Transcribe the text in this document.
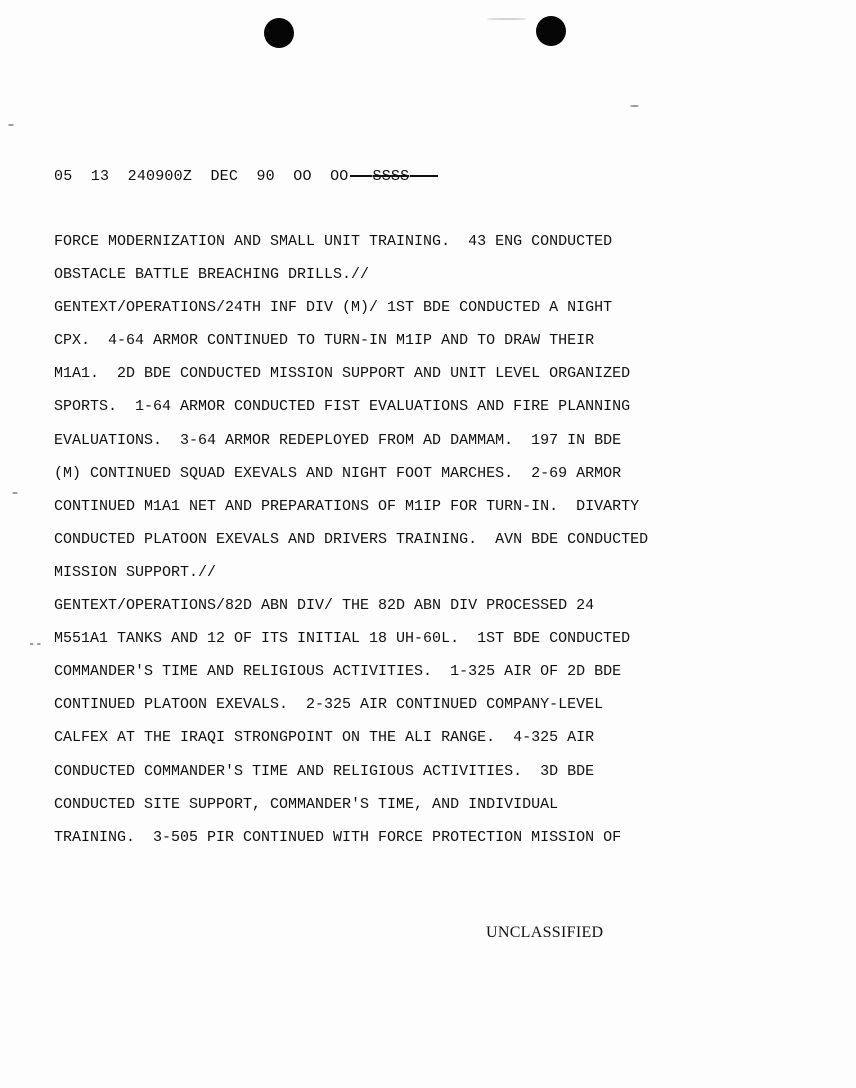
05 13 240900Z DEC 90 OO OO SSSS
FORCE MODERNIZATION AND SMALL UNIT TRAINING.  43 ENG CONDUCTED
OBSTACLE BATTLE BREACHING DRILLS.//
GENTEXT/OPERATIONS/24TH INF DIV (M)/ 1ST BDE CONDUCTED A NIGHT
CPX.  4-64 ARMOR CONTINUED TO TURN-IN M1IP AND TO DRAW THEIR
M1A1.  2D BDE CONDUCTED MISSION SUPPORT AND UNIT LEVEL ORGANIZED
SPORTS.  1-64 ARMOR CONDUCTED FIST EVALUATIONS AND FIRE PLANNING
EVALUATIONS.  3-64 ARMOR REDEPLOYED FROM AD DAMMAM.  197 IN BDE
(M) CONTINUED SQUAD EXEVALS AND NIGHT FOOT MARCHES.  2-69 ARMOR
CONTINUED M1A1 NET AND PREPARATIONS OF M1IP FOR TURN-IN.  DIVARTY
CONDUCTED PLATOON EXEVALS AND DRIVERS TRAINING.  AVN BDE CONDUCTED
MISSION SUPPORT.//
GENTEXT/OPERATIONS/82D ABN DIV/ THE 82D ABN DIV PROCESSED 24
M551A1 TANKS AND 12 OF ITS INITIAL 18 UH-60L.  1ST BDE CONDUCTED
COMMANDER'S TIME AND RELIGIOUS ACTIVITIES.  1-325 AIR OF 2D BDE
CONTINUED PLATOON EXEVALS.  2-325 AIR CONTINUED COMPANY-LEVEL
CALFEX AT THE IRAQI STRONGPOINT ON THE ALI RANGE.  4-325 AIR
CONDUCTED COMMANDER'S TIME AND RELIGIOUS ACTIVITIES.  3D BDE
CONDUCTED SITE SUPPORT, COMMANDER'S TIME, AND INDIVIDUAL
TRAINING.  3-505 PIR CONTINUED WITH FORCE PROTECTION MISSION OF
--
UNCLASSIFIED
